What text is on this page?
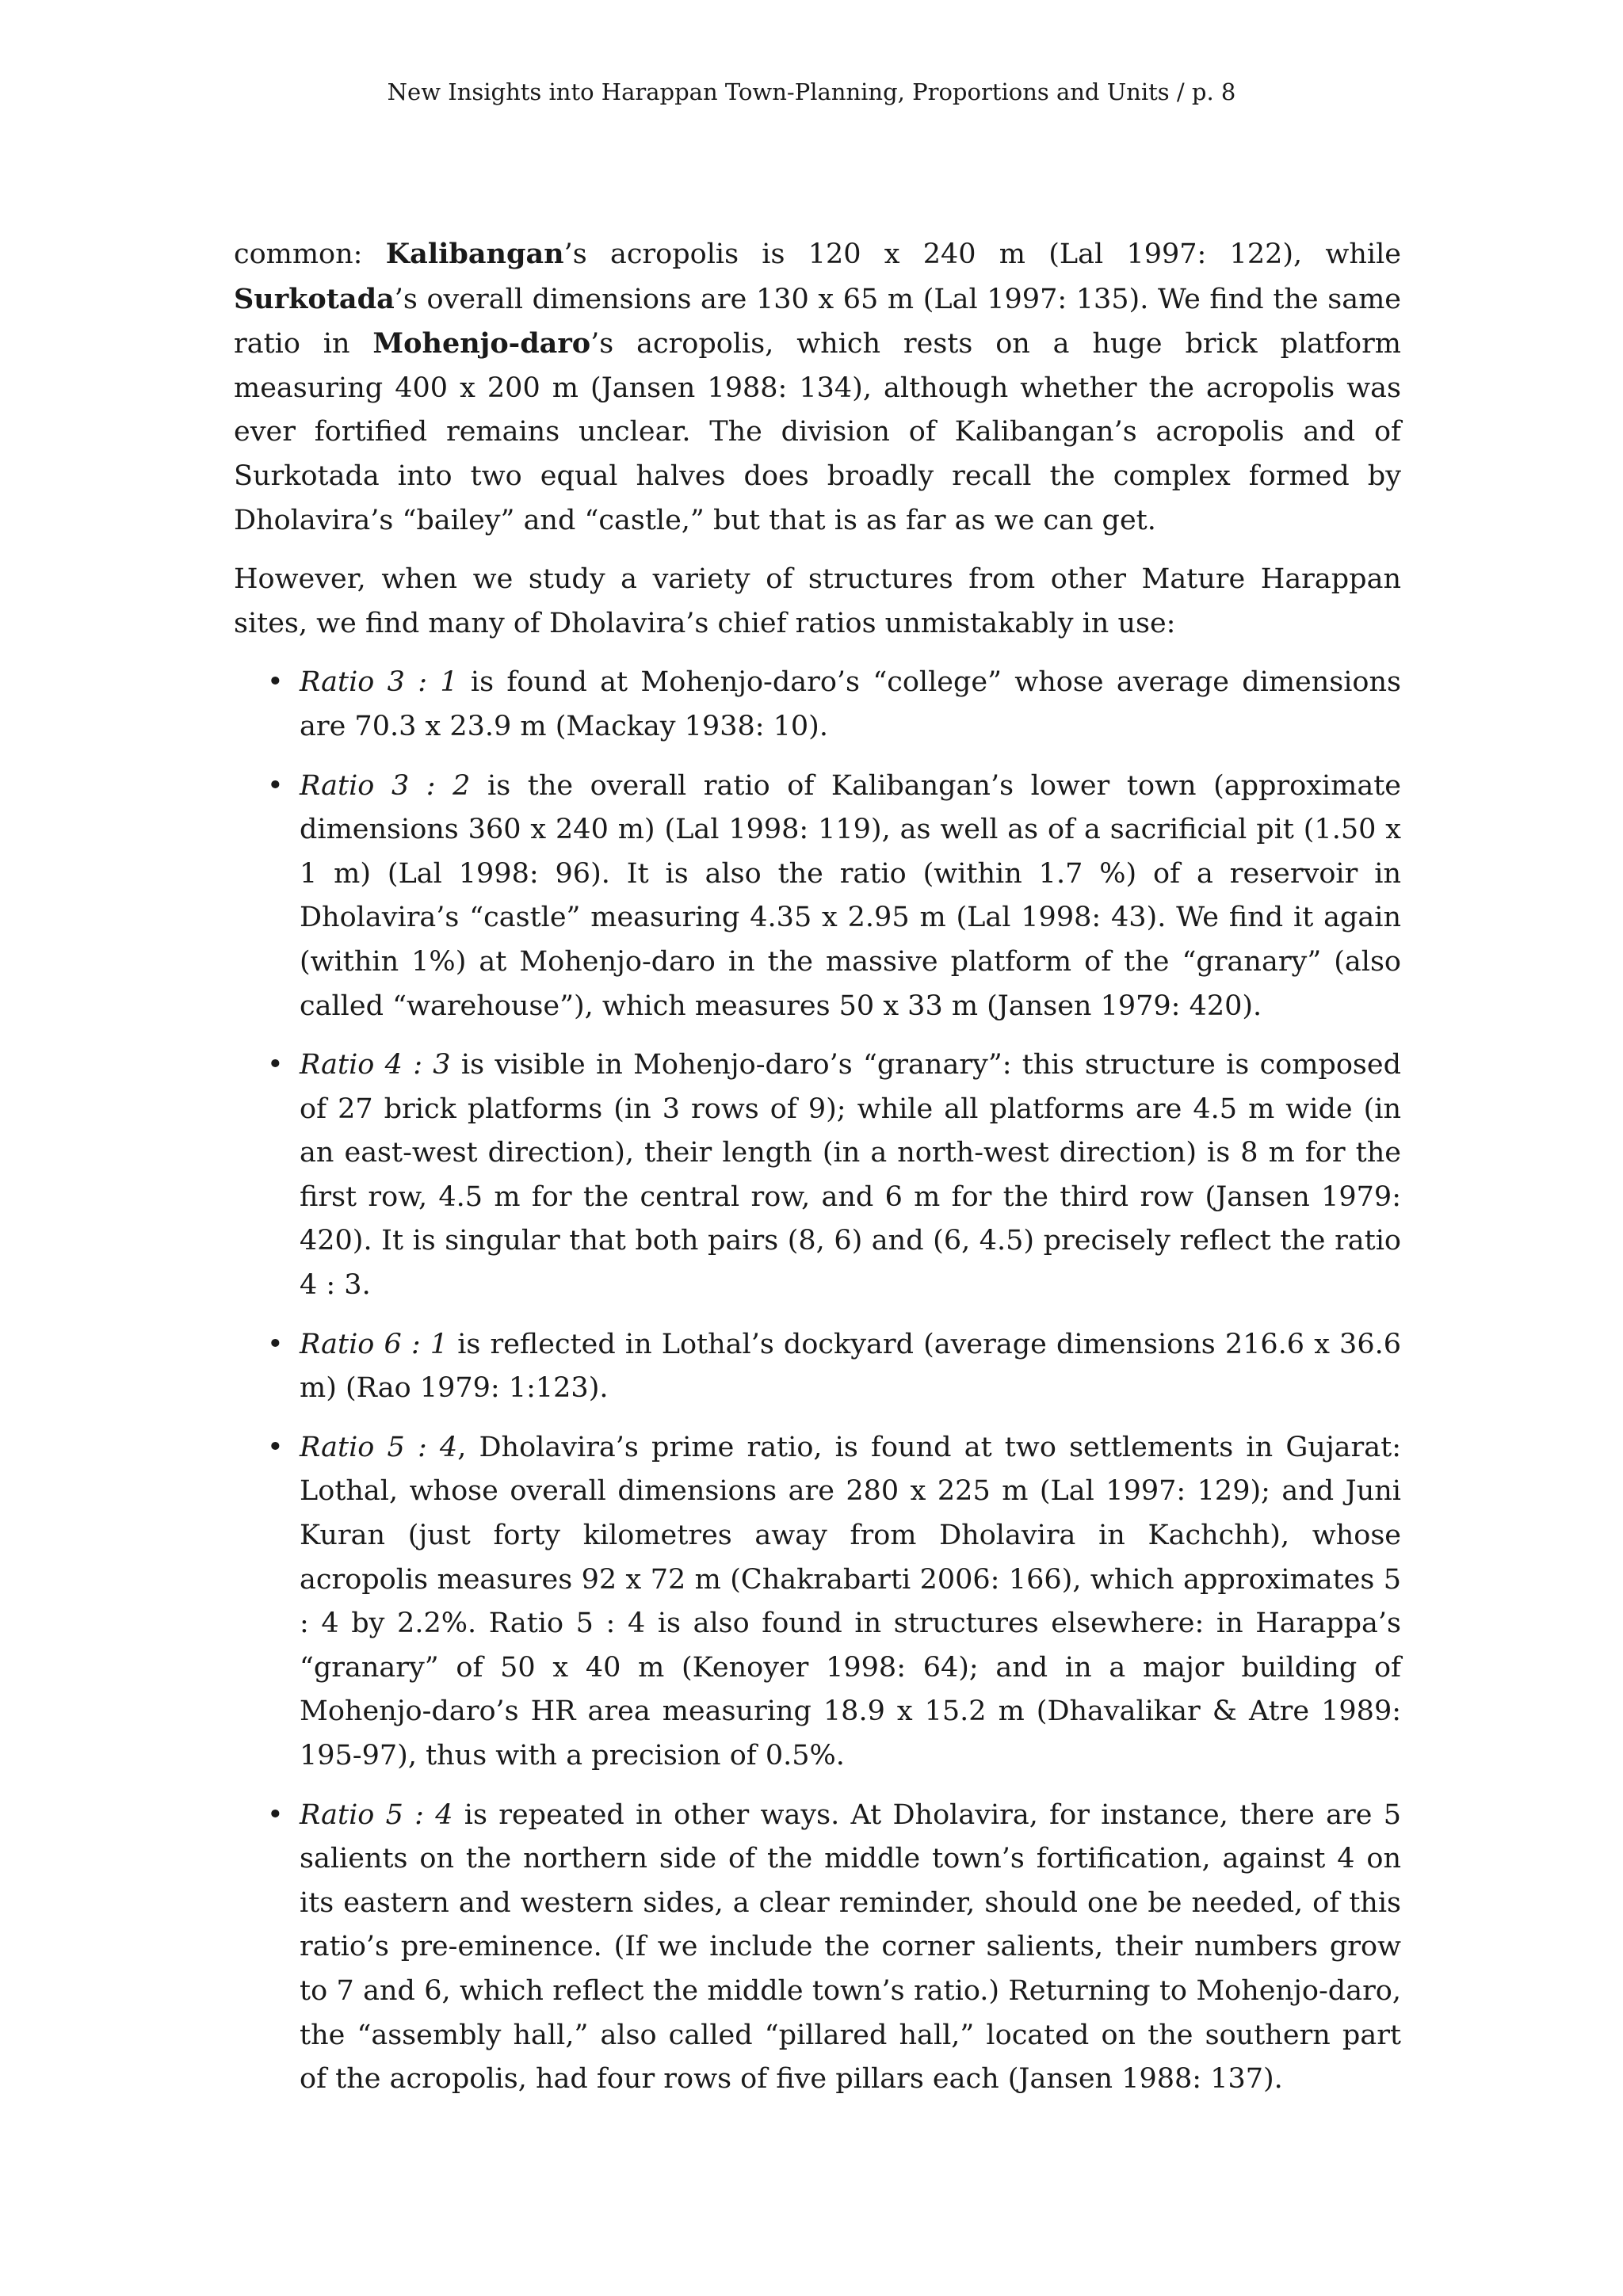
New Insights into Harappan Town-Planning, Proportions and Units / p. 8

common: Kalibangan’s acropolis is 120 x 240 m (Lal 1997: 122), while Surkotada’s overall dimensions are 130 x 65 m (Lal 1997: 135). We find the same ratio in Mohenjo-daro’s acropolis, which rests on a huge brick platform measuring 400 x 200 m (Jansen 1988: 134), although whether the acropolis was ever fortified remains unclear. The division of Kalibangan’s acropolis and of Surkotada into two equal halves does broadly recall the complex formed by Dholavira’s “bailey” and “castle,” but that is as far as we can get.

However, when we study a variety of structures from other Mature Harappan sites, we find many of Dholavira’s chief ratios unmistakably in use:

• Ratio 3 : 1 is found at Mohenjo-daro’s “college” whose average dimensions are 70.3 x 23.9 m (Mackay 1938: 10).
• Ratio 3 : 2 is the overall ratio of Kalibangan’s lower town (approximate dimensions 360 x 240 m) (Lal 1998: 119), as well as of a sacrificial pit (1.50 x 1 m) (Lal 1998: 96). It is also the ratio (within 1.7 %) of a reservoir in Dholavira’s “castle” measuring 4.35 x 2.95 m (Lal 1998: 43). We find it again (within 1%) at Mohenjo-daro in the massive platform of the “granary” (also called “warehouse”), which measures 50 x 33 m (Jansen 1979: 420).
• Ratio 4 : 3 is visible in Mohenjo-daro’s “granary”: this structure is composed of 27 brick platforms (in 3 rows of 9); while all platforms are 4.5 m wide (in an east-west direction), their length (in a north-west direction) is 8 m for the first row, 4.5 m for the central row, and 6 m for the third row (Jansen 1979: 420). It is singular that both pairs (8, 6) and (6, 4.5) precisely reflect the ratio 4 : 3.
• Ratio 6 : 1 is reflected in Lothal’s dockyard (average dimensions 216.6 x 36.6 m) (Rao 1979: 1:123).
• Ratio 5 : 4, Dholavira’s prime ratio, is found at two settlements in Gujarat: Lothal, whose overall dimensions are 280 x 225 m (Lal 1997: 129); and Juni Kuran (just forty kilometres away from Dholavira in Kachchh), whose acropolis measures 92 x 72 m (Chakrabarti 2006: 166), which approximates 5 : 4 by 2.2%. Ratio 5 : 4 is also found in structures elsewhere: in Harappa’s “granary” of 50 x 40 m (Kenoyer 1998: 64); and in a major building of Mohenjo-daro’s HR area measuring 18.9 x 15.2 m (Dhavalikar & Atre 1989: 195-97), thus with a precision of 0.5%.
• Ratio 5 : 4 is repeated in other ways. At Dholavira, for instance, there are 5 salients on the northern side of the middle town’s fortification, against 4 on its eastern and western sides, a clear reminder, should one be needed, of this ratio’s pre-eminence. (If we include the corner salients, their numbers grow to 7 and 6, which reflect the middle town’s ratio.) Returning to Mohenjo-daro, the “assembly hall,” also called “pillared hall,” located on the southern part of the acropolis, had four rows of five pillars each (Jansen 1988: 137).
